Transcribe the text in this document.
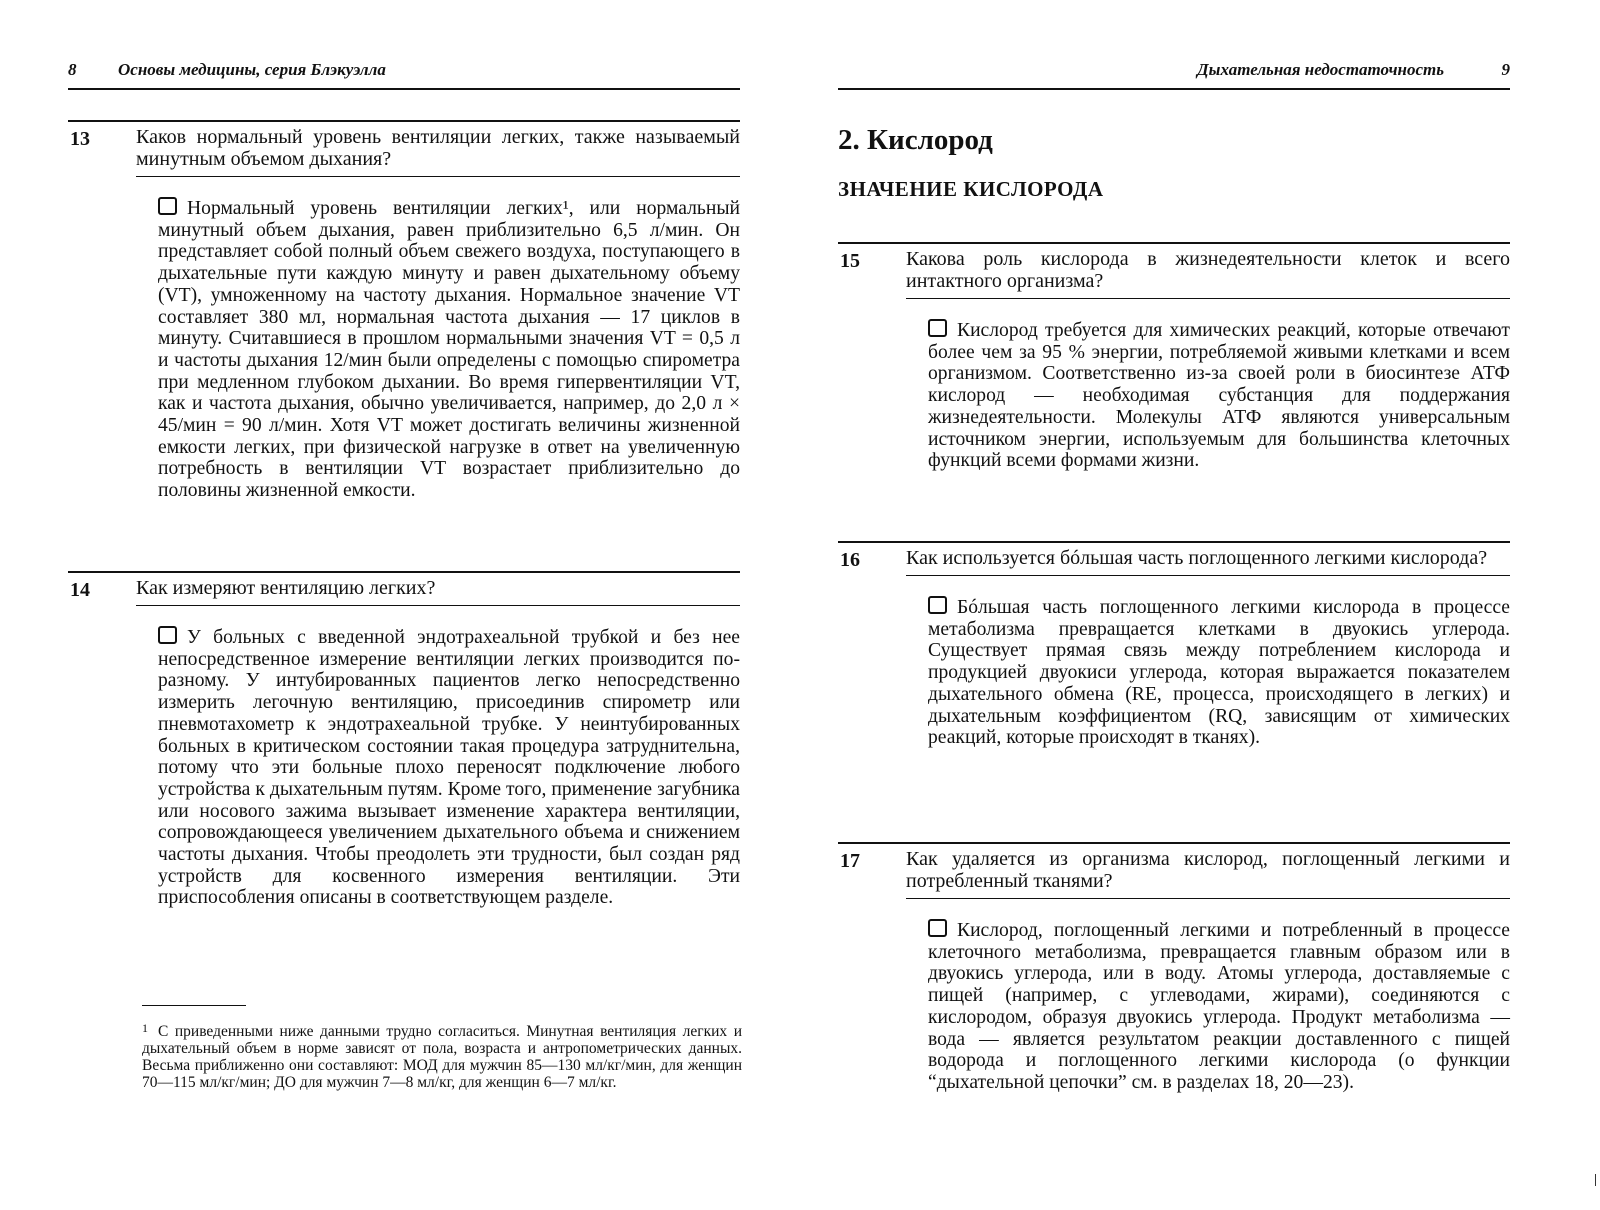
8 Основы медицины, серия Блэкуэлла
13 Каков нормальный уровень вентиляции легких, также называемый минутным объемом дыхания?
Нормальный уровень вентиляции легких¹, или нормальный минутный объем дыхания, равен приблизительно 6,5 л/мин. Он представляет собой полный объем свежего воздуха, поступающего в дыхательные пути каждую минуту и равен дыхательному объему (VT), умноженному на частоту дыхания. Нормальное значение VT составляет 380 мл, нормальная частота дыхания — 17 циклов в минуту. Считавшиеся в прошлом нормальными значения VT = 0,5 л и частоты дыхания 12/мин были определены с помощью спирометра при медленном глубоком дыхании. Во время гипервентиляции VT, как и частота дыхания, обычно увеличивается, например, до 2,0 л × 45/мин = 90 л/мин. Хотя VT может достигать величины жизненной емкости легких, при физической нагрузке в ответ на увеличенную потребность в вентиляции VT возрастает приблизительно до половины жизненной емкости.
14 Как измеряют вентиляцию легких?
У больных с введенной эндотрахеальной трубкой и без нее непосредственное измерение вентиляции легких производится по-разному. У интубированных пациентов легко непосредственно измерить легочную вентиляцию, присоединив спирометр или пневмотахометр к эндотрахеальной трубке. У неинтубированных больных в критическом состоянии такая процедура затруднительна, потому что эти больные плохо переносят подключение любого устройства к дыхательным путям. Кроме того, применение загубника или носового зажима вызывает изменение характера вентиляции, сопровождающееся увеличением дыхательного объема и снижением частоты дыхания. Чтобы преодолеть эти трудности, был создан ряд устройств для косвенного измерения вентиляции. Эти приспособления описаны в соответствующем разделе.
$^1$ С приведенными ниже данными трудно согласиться. Минутная вентиляция легких и дыхательный объем в норме зависят от пола, возраста и антропометрических данных. Весьма приближенно они составляют: МОД для мужчин 85—130 мл/кг/мин, для женщин 70—115 мл/кг/мин; ДО для мужчин 7—8 мл/кг, для женщин 6—7 мл/кг.
Дыхательная недостаточность	9
2. Кислород
ЗНАЧЕНИЕ КИСЛОРОДА
15 Какова роль кислорода в жизнедеятельности клеток и всего интактного организма?
Кислород требуется для химических реакций, которые отвечают более чем за 95 % энергии, потребляемой живыми клетками и всем организмом. Соответственно из-за своей роли в биосинтезе АТФ кислород — необходимая субстанция для поддержания жизнедеятельности. Молекулы АТФ являются универсальным источником энергии, используемым для большинства клеточных функций всеми формами жизни.
16 Как используется бóльшая часть поглощенного легкими кислорода?
Бóльшая часть поглощенного легкими кислорода в процессе метаболизма превращается клетками в двуокись углерода. Существует прямая связь между потреблением кислорода и продукцией двуокиси углерода, которая выражается показателем дыхательного обмена (RE, процесса, происходящего в легких) и дыхательным коэффициентом (RQ, зависящим от химических реакций, которые происходят в тканях).
17 Как удаляется из организма кислород, поглощенный легкими и потребленный тканями?
Кислород, поглощенный легкими и потребленный в процессе клеточного метаболизма, превращается главным образом или в двуокись углерода, или в воду. Атомы углерода, доставляемые с пищей (например, с углеводами, жирами), соединяются с кислородом, образуя двуокись углерода. Продукт метаболизма — вода — является результатом реакции доставленного с пищей водорода и поглощенного легкими кислорода (о функции “дыхательной цепочки” см. в разделах 18, 20—23).
